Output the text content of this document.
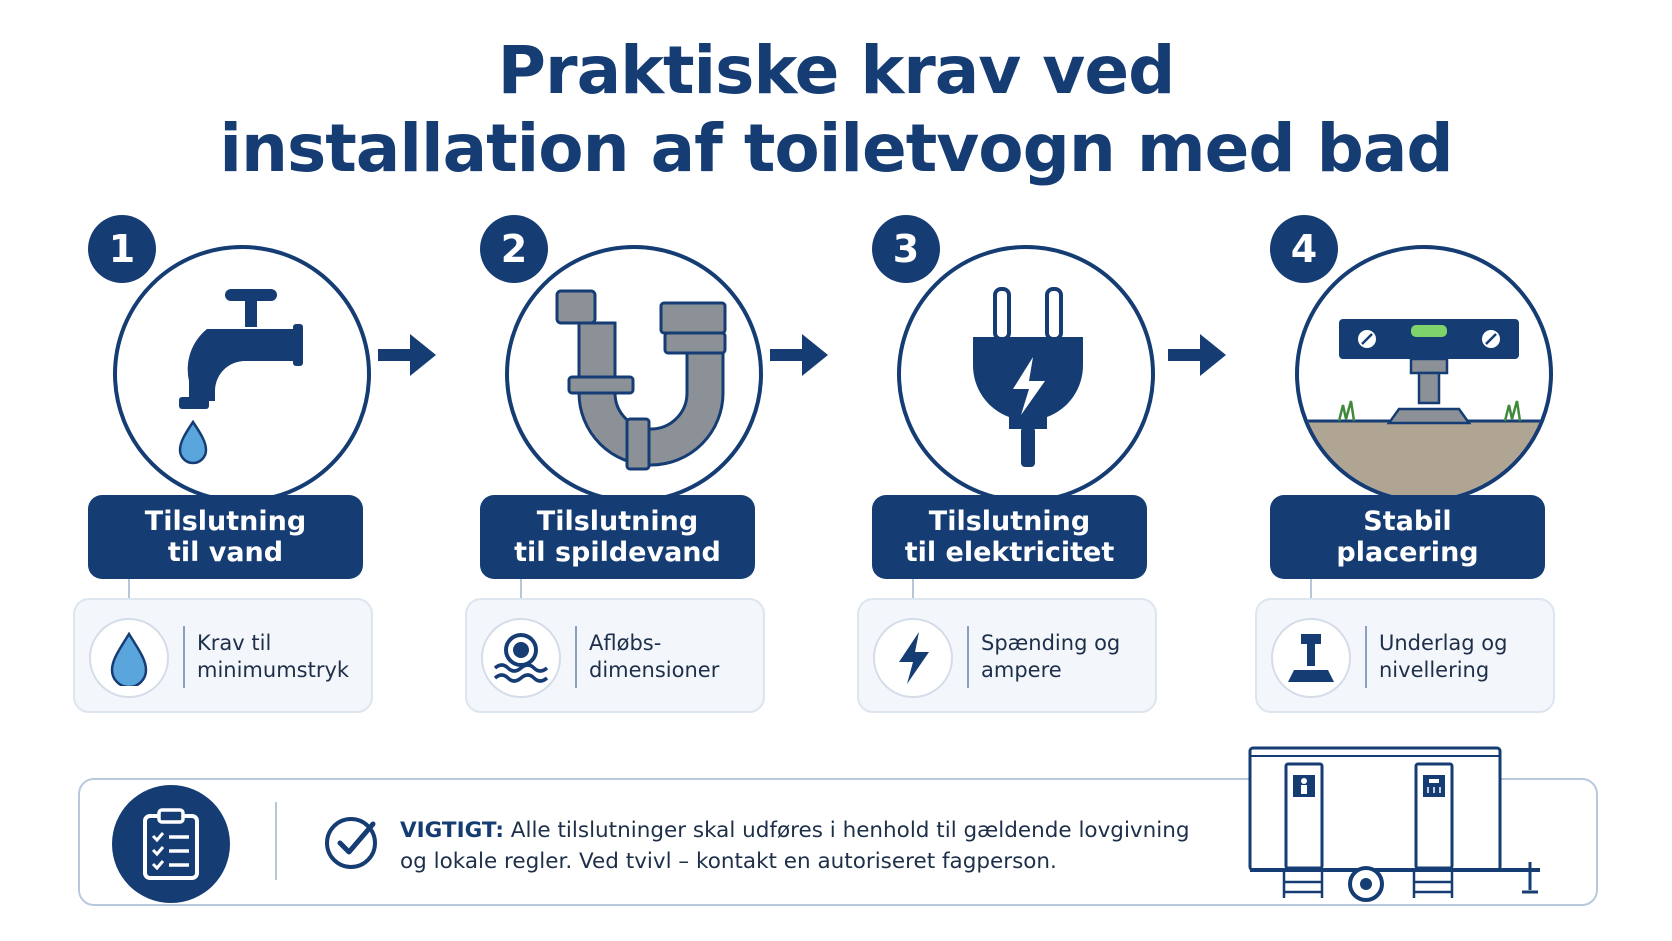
Praktiske krav ved
installation af toiletvogn med bad
1
Tilslutning
til vand
Krav til minimumstryk
2
Tilslutning
til spildevand
Afløbs-dimensioner
3
Tilslutning
til elektricitet
Spænding og ampere
4
Stabil
placering
Underlag og nivellering
VIGTIGT: Alle tilslutninger skal udføres i henhold til gældende lovgivning
og lokale regler. Ved tvivl – kontakt en autoriseret fagperson.
